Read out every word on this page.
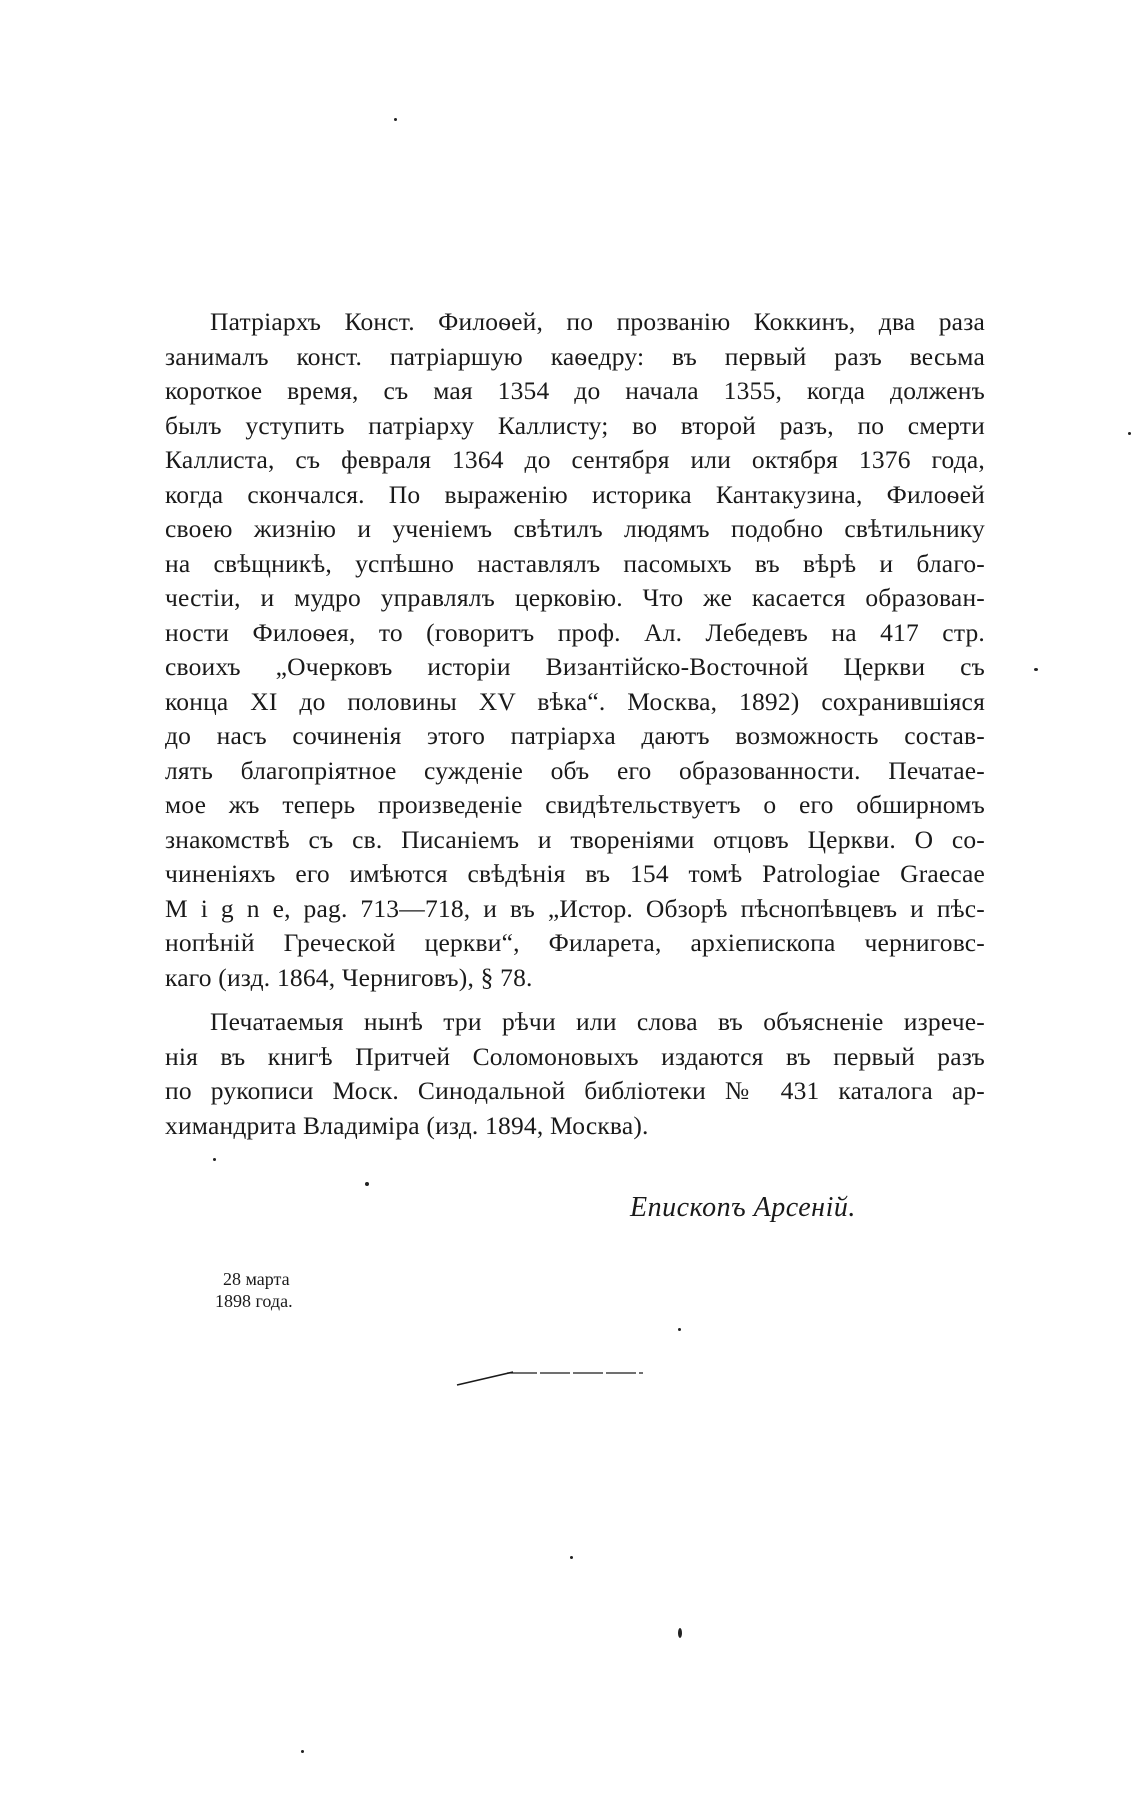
Патріархъ Конст. Филоѳей, по прозванію Коккинъ, два раза
занималъ конст. патріаршую каѳедру: въ первый разъ весьма
короткое время, съ мая 1354 до начала 1355, когда долженъ
былъ уступить патріарху Каллисту; во второй разъ, по смерти
Каллиста, съ февраля 1364 до сентября или октября 1376 года,
когда скончался. По выраженію историка Кантакузина, Филоѳей
своею жизнію и ученіемъ свѣтилъ людямъ подобно свѣтильнику
на свѣщникѣ, успѣшно наставлялъ пасомыхъ въ вѣрѣ и благо-
честіи, и мудро управлялъ церковію. Что же касается образован-
ности Филоѳея, то (говоритъ проф. Ал. Лебедевъ на 417 стр.
своихъ „Очерковъ исторіи Византійско-Восточной Церкви съ
конца XI до половины XV вѣка“. Москва, 1892) сохранившіяся
до насъ сочиненія этого патріарха даютъ возможность состав-
лять благопріятное сужденіе объ его образованности. Печатае-
мое жъ теперь произведеніе свидѣтельствуетъ о его обширномъ
знакомствѣ съ св. Писаніемъ и твореніями отцовъ Церкви. О со-
чиненіяхъ его имѣются свѣдѣнія въ 154 томѣ Patrologiae Graecae
M i g n e, pag. 713—718, и въ „Истор. Обзорѣ пѣснопѣвцевъ и пѣс-
нопѣній Греческой церкви“, Филарета, архіепископа черниговс-
каго (изд. 1864, Черниговъ), § 78.
Печатаемыя нынѣ три рѣчи или слова въ объясненіе изрече-
нія въ книгѣ Притчей Соломоновыхъ издаются въ первый разъ
по рукописи Моск. Синодальной библіотеки № 431 каталога ар-
химандрита Владиміра (изд. 1894, Москва).
Епископъ Арсеній.
28 марта
1898 года.
